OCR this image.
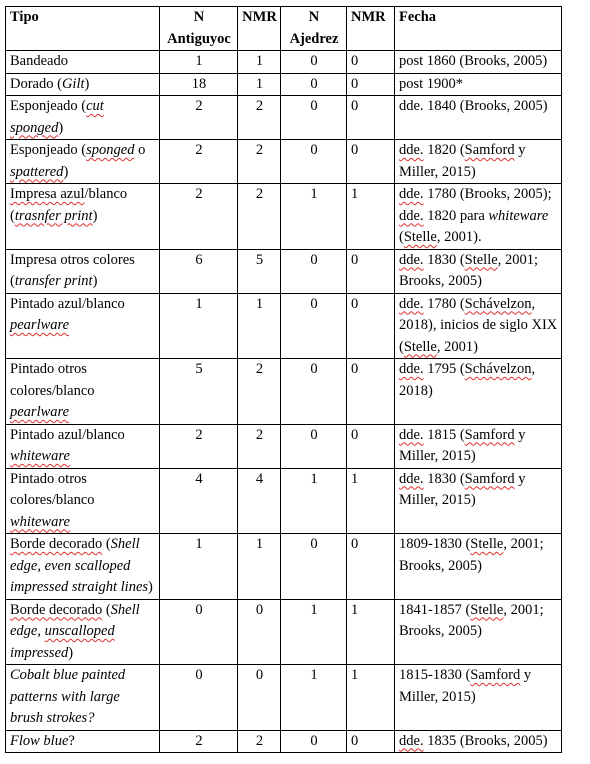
Tipo	N Antiguyoc	NMR	N Ajedrez	NMR	Fecha
Bandeado	1	1	0	0	post 1860 (Brooks, 2005)
Dorado (Gilt)	18	1	0	0	post 1900*
Esponjeado (cut sponged)	2	2	0	0	dde. 1840 (Brooks, 2005)
Esponjeado (sponged o spattered)	2	2	0	0	dde. 1820 (Samford y Miller, 2015)
Impresa azul/blanco (trasnfer print)	2	2	1	1	dde. 1780 (Brooks, 2005); dde. 1820 para whiteware (Stelle, 2001).
Impresa otros colores (transfer print)	6	5	0	0	dde. 1830 (Stelle, 2001; Brooks, 2005)
Pintado azul/blanco pearlware	1	1	0	0	dde. 1780 (Schávelzon, 2018), inicios de siglo XIX (Stelle, 2001)
Pintado otros colores/blanco pearlware	5	2	0	0	dde. 1795 (Schávelzon, 2018)
Pintado azul/blanco whiteware	2	2	0	0	dde. 1815 (Samford y Miller, 2015)
Pintado otros colores/blanco whiteware	4	4	1	1	dde. 1830 (Samford y Miller, 2015)
Borde decorado (Shell edge, even scalloped impressed straight lines)	1	1	0	0	1809-1830 (Stelle, 2001; Brooks, 2005)
Borde decorado (Shell edge, unscalloped impressed)	0	0	1	1	1841-1857 (Stelle, 2001; Brooks, 2005)
Cobalt blue painted patterns with large brush strokes?	0	0	1	1	1815-1830 (Samford y Miller, 2015)
Flow blue?	2	2	0	0	dde. 1835 (Brooks, 2005)
